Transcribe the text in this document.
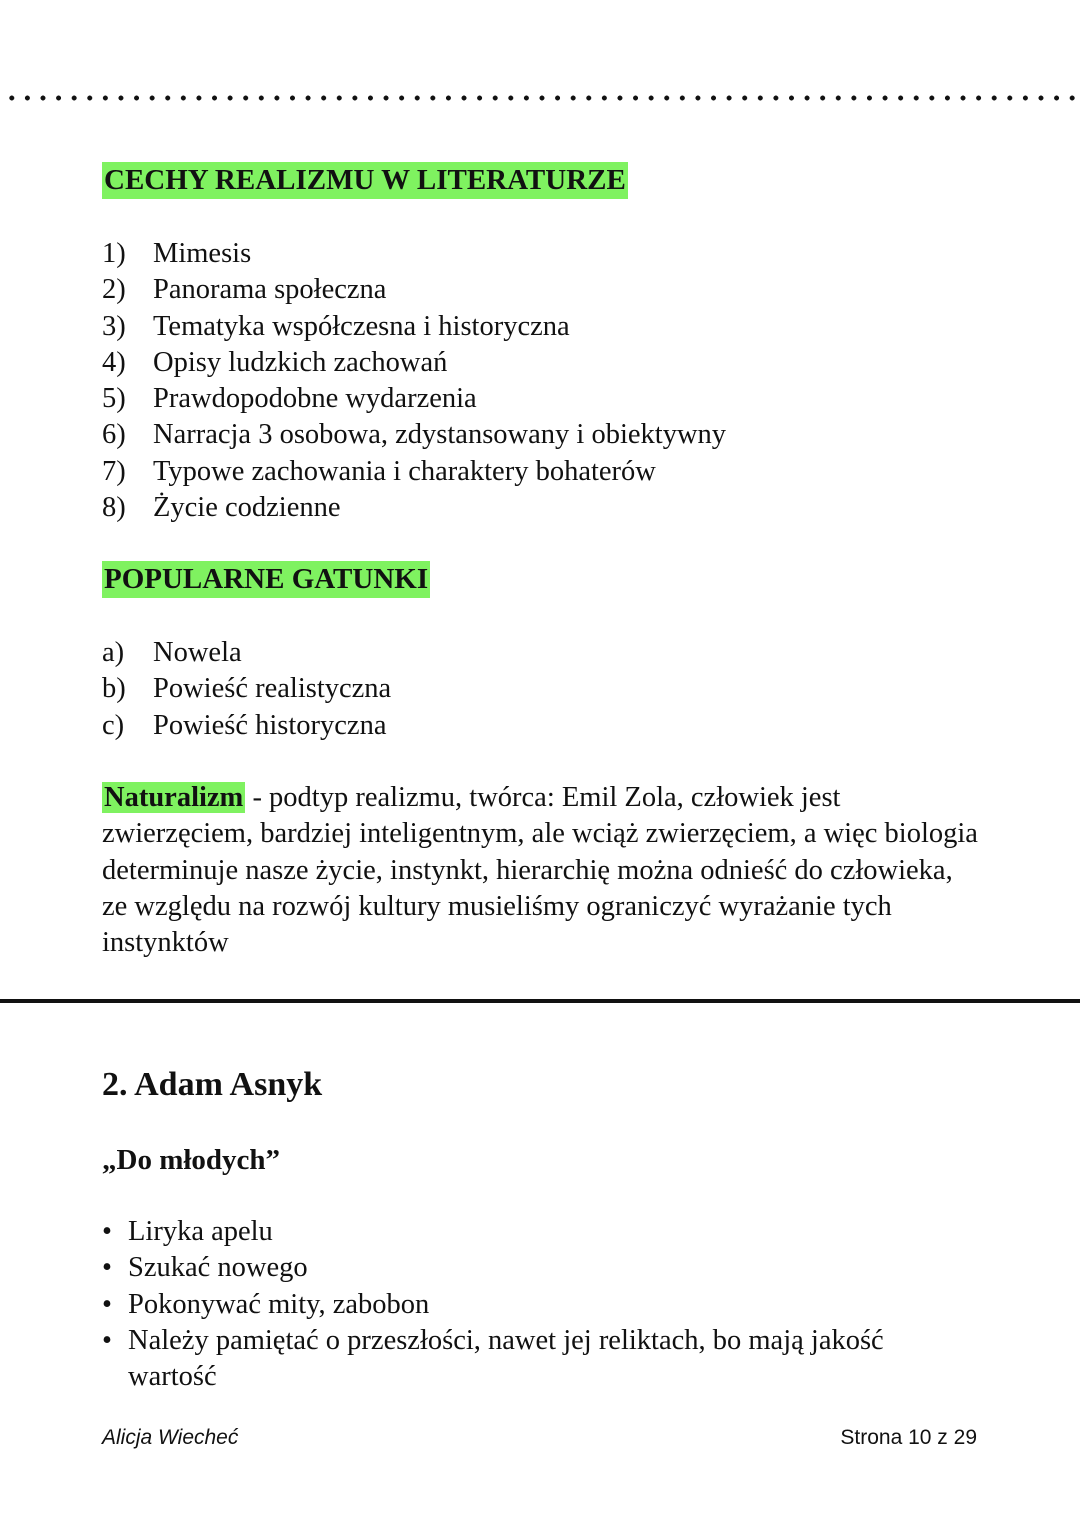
CECHY REALIZMU W LITERATURZE
1) Mimesis
2) Panorama społeczna
3) Tematyka współczesna i historyczna
4) Opisy ludzkich zachowań
5) Prawdopodobne wydarzenia
6) Narracja 3 osobowa, zdystansowany i obiektywny
7) Typowe zachowania i charaktery bohaterów
8) Życie codzienne
POPULARNE GATUNKI
a)	Nowela
b) Powieść realistyczna
c)	Powieść historyczna

Naturalizm - podtyp realizmu, twórca: Emil Zola, człowiek jest zwierzęciem, bardziej inteligentnym, ale wciąż zwierzęciem, a więc biologia determinuje nasze życie, instynkt, hierarchię można odnieść do człowieka, ze względu na rozwój kultury musieliśmy ograniczyć wyrażanie tych instynktów

2. Adam Asnyk
„Do młodych”
• Liryka apelu
• Szukać nowego
• Pokonywać mity, zabobon
• Należy pamiętać o przeszłości, nawet jej reliktach, bo mają jakość wartość
Alicja Wiecheć	Strona 10 z 29
